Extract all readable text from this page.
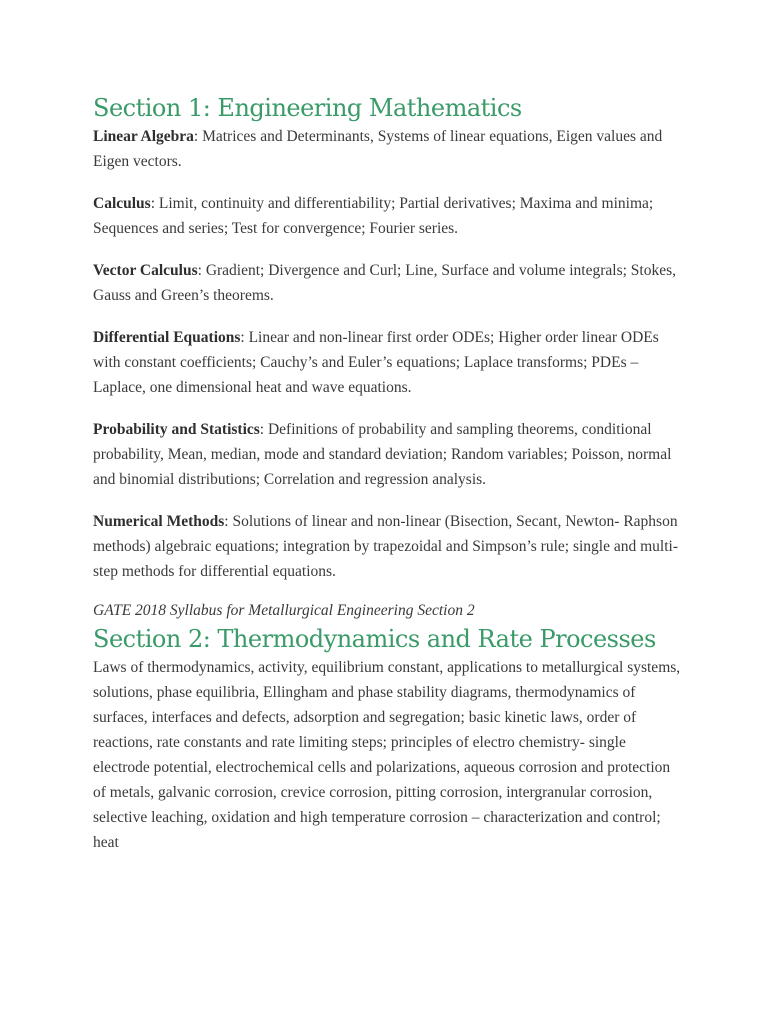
Section 1: Engineering Mathematics

Linear Algebra: Matrices and Determinants, Systems of linear equations, Eigen values and Eigen vectors.

Calculus: Limit, continuity and differentiability; Partial derivatives; Maxima and minima; Sequences and series; Test for convergence; Fourier series.

Vector Calculus: Gradient; Divergence and Curl; Line, Surface and volume integrals; Stokes, Gauss and Green’s theorems.

Differential Equations: Linear and non-linear first order ODEs; Higher order linear ODEs with constant coefficients; Cauchy’s and Euler’s equations; Laplace transforms; PDEs –Laplace, one dimensional heat and wave equations.

Probability and Statistics: Definitions of probability and sampling theorems, conditional probability, Mean, median, mode and standard deviation; Random variables; Poisson, normal and binomial distributions; Correlation and regression analysis.

Numerical Methods: Solutions of linear and non-linear (Bisection, Secant, Newton- Raphson methods) algebraic equations; integration by trapezoidal and Simpson’s rule; single and multi-step methods for differential equations.

GATE 2018 Syllabus for Metallurgical Engineering Section 2

Section 2: Thermodynamics and Rate Processes

Laws of thermodynamics, activity, equilibrium constant, applications to metallurgical systems, solutions, phase equilibria, Ellingham and phase stability diagrams, thermodynamics of surfaces, interfaces and defects, adsorption and segregation; basic kinetic laws, order of reactions, rate constants and rate limiting steps; principles of electro chemistry- single electrode potential, electrochemical cells and polarizations, aqueous corrosion and protection of metals, galvanic corrosion, crevice corrosion, pitting corrosion, intergranular corrosion, selective leaching, oxidation and high temperature corrosion – characterization and control; heat
